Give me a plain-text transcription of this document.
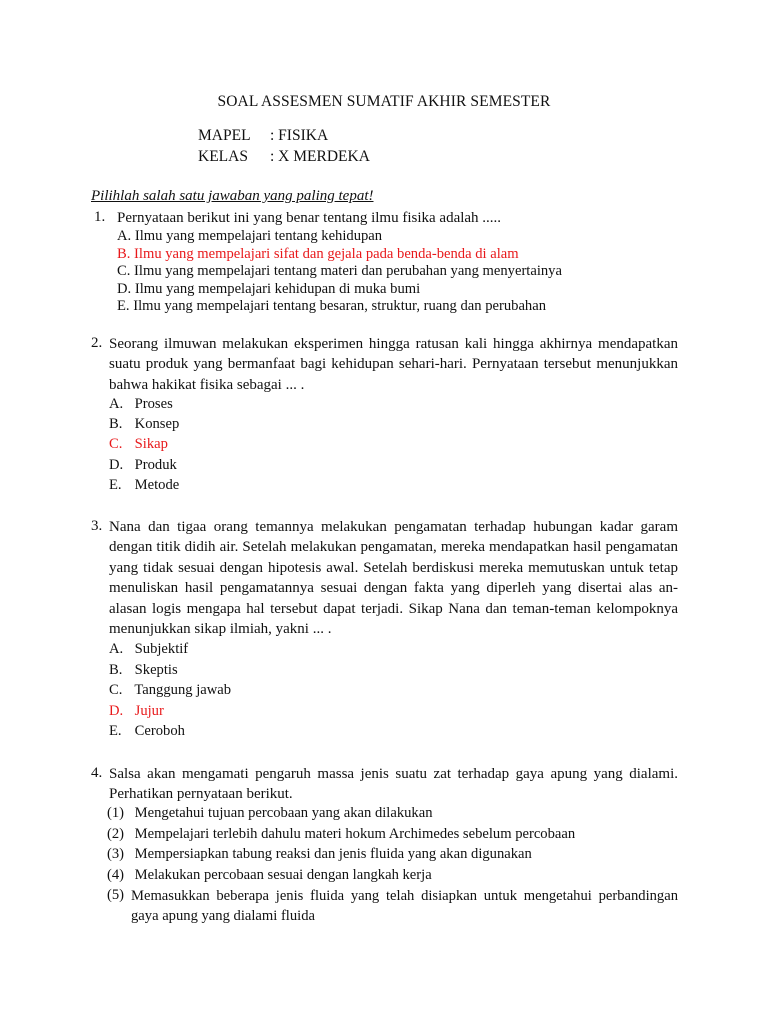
SOAL ASSESMEN SUMATIF AKHIR SEMESTER
MAPEL : FISIKA
KELAS : X MERDEKA
Pilihlah salah satu jawaban yang paling tepat!
1. Pernyataan berikut ini yang benar tentang ilmu fisika adalah .....
A. Ilmu yang mempelajari tentang kehidupan
B. Ilmu yang mempelajari sifat dan gejala pada benda-benda di alam
C. Ilmu yang mempelajari tentang materi dan perubahan yang menyertainya
D. Ilmu yang mempelajari kehidupan di muka bumi
E. Ilmu yang mempelajari tentang besaran, struktur, ruang dan perubahan
2. Seorang ilmuwan melakukan eksperimen hingga ratusan kali hingga akhirnya mendapatkan suatu produk yang bermanfaat bagi kehidupan sehari-hari. Pernyataan tersebut menunjukkan bahwa hakikat fisika sebagai ... .
A. Proses
B. Konsep
C. Sikap
D. Produk
E. Metode
3. Nana dan tigaa orang temannya melakukan pengamatan terhadap hubungan kadar garam dengan titik didih air. Setelah melakukan pengamatan, mereka mendapatkan hasil pengamatan yang tidak sesuai dengan hipotesis awal. Setelah berdiskusi mereka memutuskan untuk tetap menuliskan hasil pengamatannya sesuai dengan fakta yang diperleh yang disertai alas an-alasan logis mengapa hal tersebut dapat terjadi. Sikap Nana dan teman-teman kelompoknya menunjukkan sikap ilmiah, yakni ... .
A. Subjektif
B. Skeptis
C. Tanggung jawab
D. Jujur
E. Ceroboh
4. Salsa akan mengamati pengaruh massa jenis suatu zat terhadap gaya apung yang dialami. Perhatikan pernyataan berikut.
(1) Mengetahui tujuan percobaan yang akan dilakukan
(2) Mempelajari terlebih dahulu materi hokum Archimedes sebelum percobaan
(3) Mempersiapkan tabung reaksi dan jenis fluida yang akan digunakan
(4) Melakukan percobaan sesuai dengan langkah kerja
(5) Memasukkan beberapa jenis fluida yang telah disiapkan untuk mengetahui perbandingan gaya apung yang dialami fluida
